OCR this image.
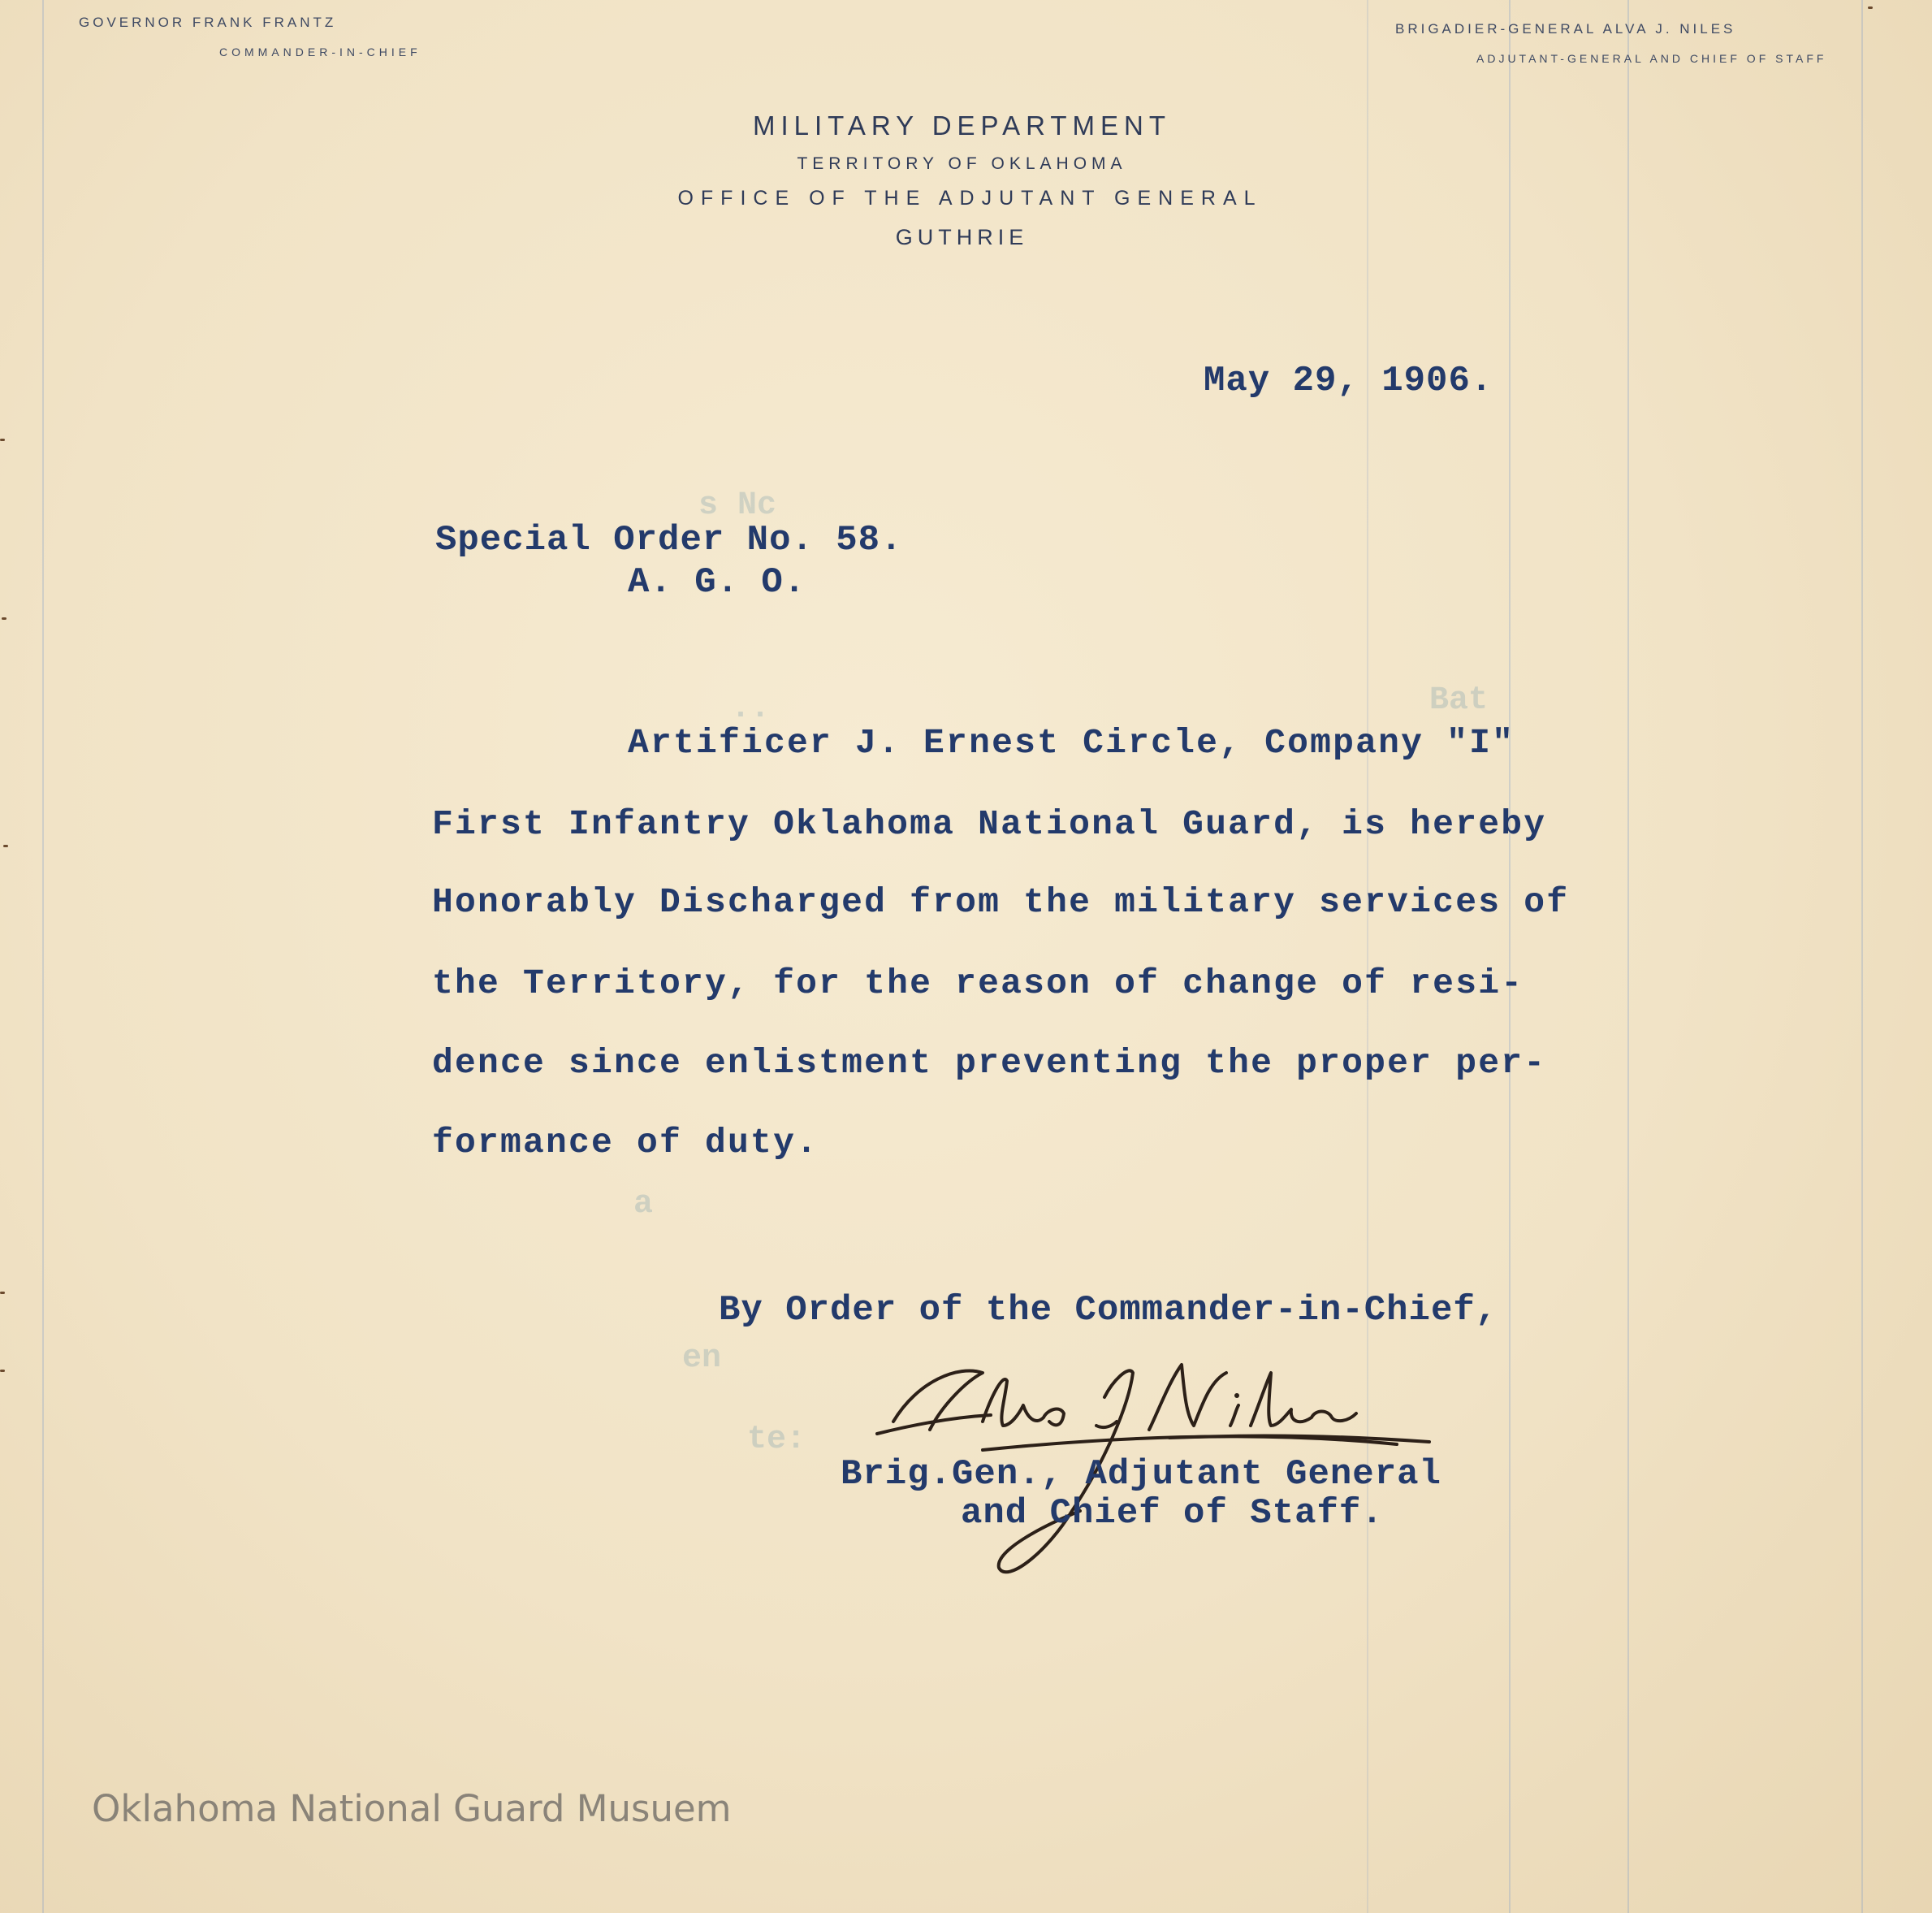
GOVERNOR FRANK FRANTZ
COMMANDER-IN-CHIEF
BRIGADIER-GENERAL ALVA J. NILES
ADJUTANT-GENERAL AND CHIEF OF STAFF
MILITARY DEPARTMENT
TERRITORY OF OKLAHOMA
OFFICE OF THE ADJUTANT GENERAL
GUTHRIE
s Nc
..	Bat
a
en
te:
May 29, 1906.
Special Order No. 58.
A. G. O.
Artificer J. Ernest Circle, Company "I"
First Infantry Oklahoma National Guard, is hereby
Honorably Discharged from the military services of
the Territory, for the reason of change of resi-
dence since enlistment preventing the proper per-
formance of duty.
By Order of the Commander-in-Chief,
Brig.Gen., Adjutant General
and Chief of Staff.
Oklahoma National Guard Musuem
